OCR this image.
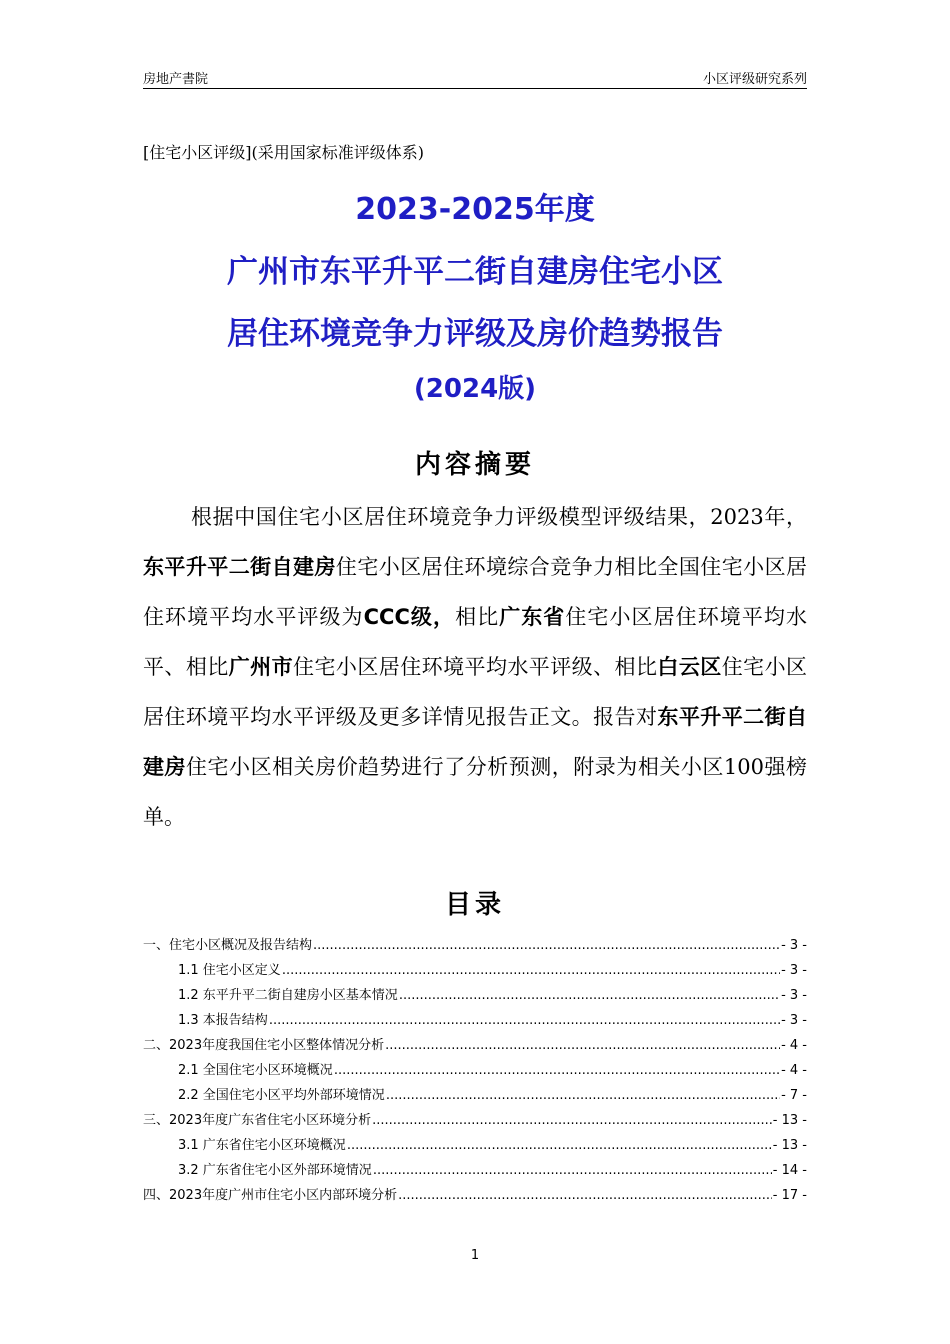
房地产書院	小区评级研究系列
[住宅小区评级](采用国家标准评级体系)
2023-2025年度
广州市东平升平二街自建房住宅小区
居住环境竞争力评级及房价趋势报告
(2024版)
内容摘要
根据中国住宅小区居住环境竞争力评级模型评级结果，2023年，东平升平二街自建房住宅小区居住环境综合竞争力相比全国住宅小区居住环境平均水平评级为CCC级，相比广东省住宅小区居住环境平均水平、相比广州市住宅小区居住环境平均水平评级、相比白云区住宅小区居住环境平均水平评级及更多详情见报告正文。报告对东平升平二街自建房住宅小区相关房价趋势进行了分析预测，附录为相关小区100强榜单。
目录
一、住宅小区概况及报告结构 .....	- 3 -
1.1 住宅小区定义 .....	- 3 -
1.2 东平升平二街自建房小区基本情况 .....	- 3 -
1.3 本报告结构 .....	- 3 -
二、2023年度我国住宅小区整体情况分析 .....	- 4 -
2.1 全国住宅小区环境概况 .....	- 4 -
2.2 全国住宅小区平均外部环境情况 .....	- 7 -
三、2023年度广东省住宅小区环境分析 .....	- 13 -
3.1 广东省住宅小区环境概况 .....	- 13 -
3.2 广东省住宅小区外部环境情况 .....	- 14 -
四、2023年度广州市住宅小区内部环境分析 .....	- 17 -
1
